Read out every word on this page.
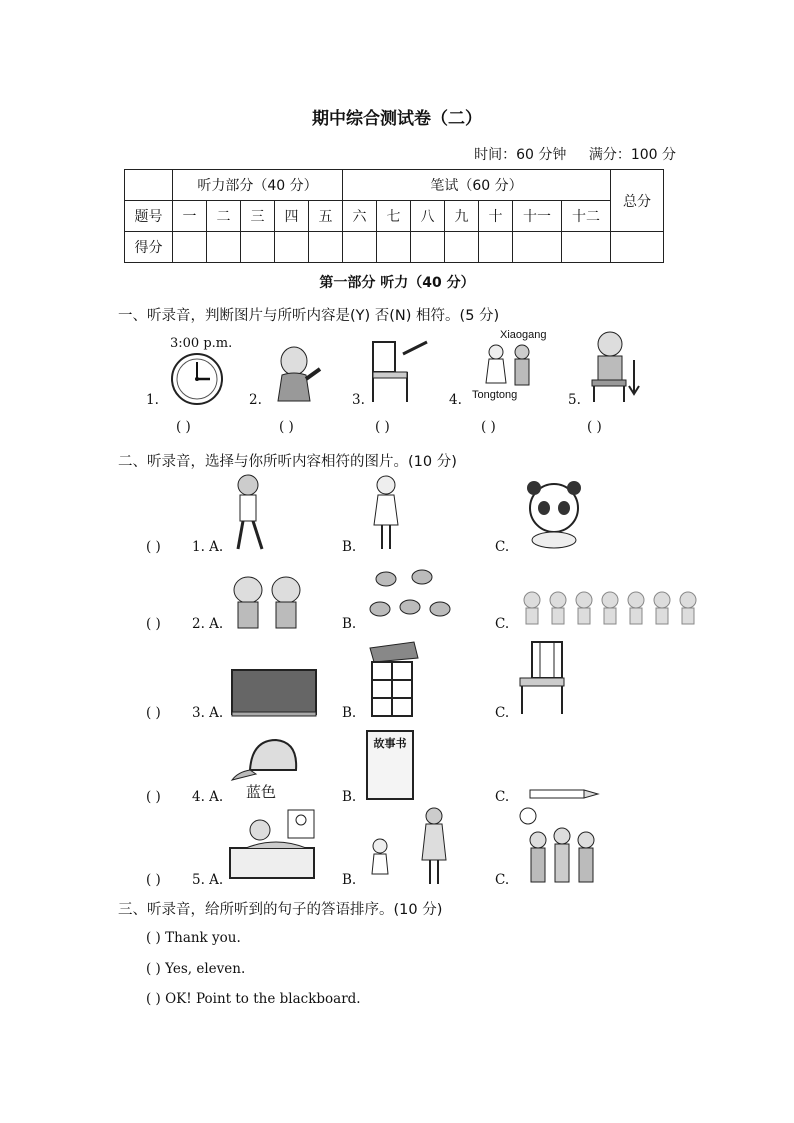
期中综合测试卷（二）
时间：60 分钟 满分：100 分
	听力部分（40 分）					笔试（60 分）							总分
题号	一	二	三	四	五	六	七	八	九	十	十一	十二	
得分													
第一部分 听力（40 分）
一、听录音，判断图片与所听内容是(Y) 否(N) 相符。(5 分)
3:00 p.m.
1.	2.	3.
Xiaogang
Tongtong
4.	5.
( )	( )	( )	( )	( )
二、听录音，选择与你所听内容相符的图片。(10 分)
( ) 1. A.	B.	C.
( ) 2. A.	B.	C.
( ) 3. A.	B.	C.
( ) 4. A. 蓝色	B.
故事书
C.
( ) 5. A.	B.	C.
三、听录音，给所听到的句子的答语排序。(10 分)
( ) Thank you.
( ) Yes, eleven.
( ) OK! Point to the blackboard.
